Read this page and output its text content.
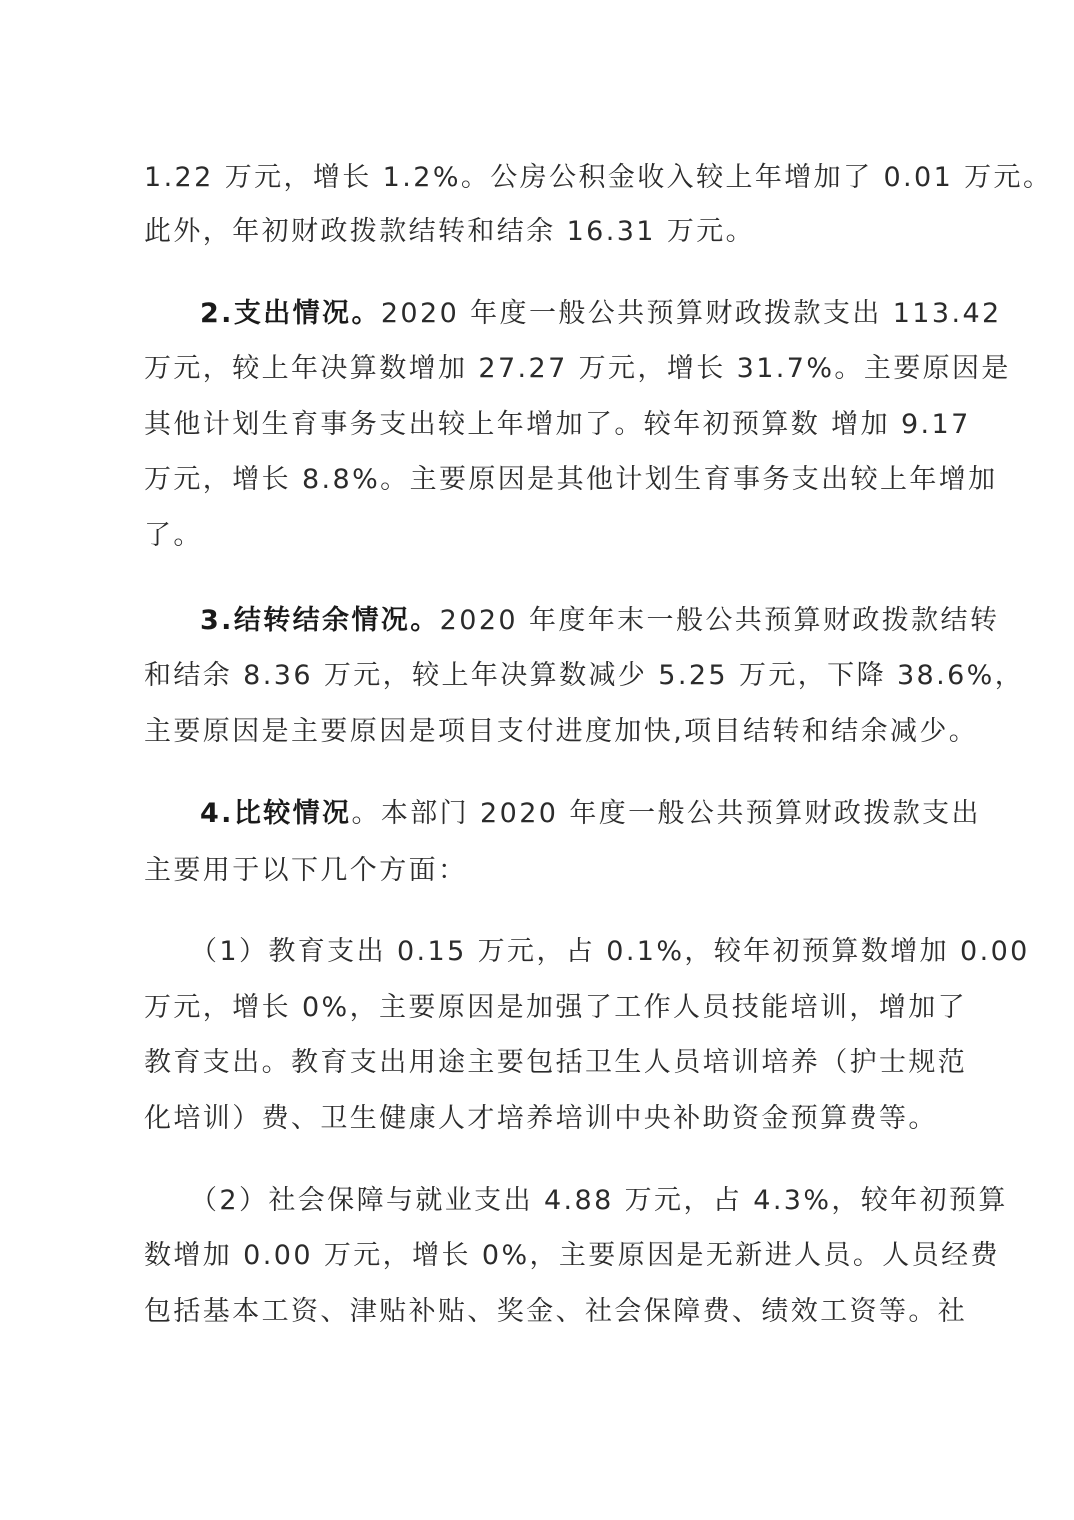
1.22 万元，增长 1.2%。公房公积金收入较上年增加了 0.01 万元。
此外，年初财政拨款结转和结余 16.31 万元。
2.支出情况。2020 年度一般公共预算财政拨款支出 113.42
万元，较上年决算数增加 27.27 万元，增长 31.7%。主要原因是
其他计划生育事务支出较上年增加了。较年初预算数 增加 9.17
万元，增长 8.8%。主要原因是其他计划生育事务支出较上年增加
了。
3.结转结余情况。2020 年度年末一般公共预算财政拨款结转
和结余 8.36 万元，较上年决算数减少 5.25 万元，下降 38.6%，
主要原因是主要原因是项目支付进度加快,项目结转和结余减少。
4.比较情况。本部门 2020 年度一般公共预算财政拨款支出
主要用于以下几个方面：
（1）教育支出 0.15 万元，占 0.1%，较年初预算数增加 0.00
万元，增长 0%，主要原因是加强了工作人员技能培训，增加了
教育支出。教育支出用途主要包括卫生人员培训培养（护士规范
化培训）费、卫生健康人才培养培训中央补助资金预算费等。
（2）社会保障与就业支出 4.88 万元，占 4.3%，较年初预算
数增加 0.00 万元，增长 0%，主要原因是无新进人员。人员经费
包括基本工资、津贴补贴、奖金、社会保障费、绩效工资等。社
